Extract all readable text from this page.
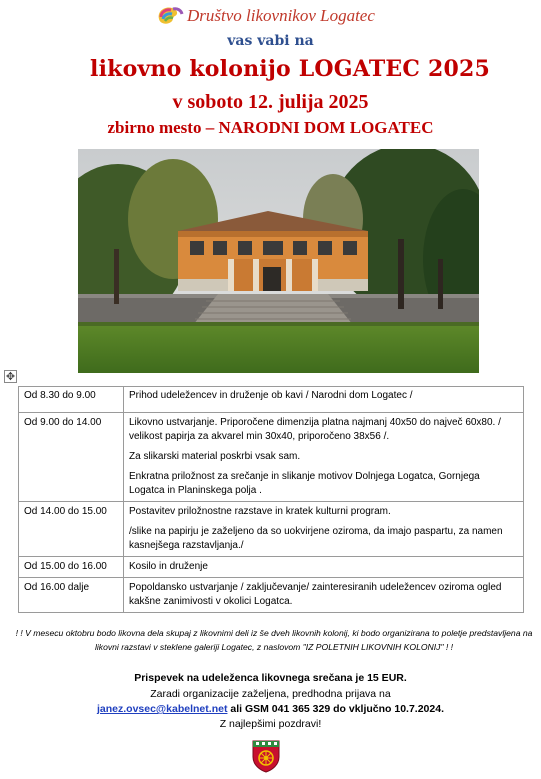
Društvo likovnikov Logatec
vas vabi na
likovno kolonijo LOGATEC 2025
v soboto 12. julija 2025
zbirno mesto – NARODNI DOM LOGATEC
✥
Od 8.30 do 9.00	Prihod udeležencev in druženje ob kavi / Narodni dom Logatec /

Od 9.00 do 14.00	Likovno ustvarjanje. Priporočene dimenzija platna najmanj 40x50 do največ 60x80. / velikost papirja za akvarel min 30x40, priporočeno 38x56 /.

Za slikarski material poskrbi vsak sam.

Enkratna priložnost za srečanje in slikanje motivov Dolnjega Logatca, Gornjega Logatca in Planinskega polja .

Od 14.00 do 15.00	Postavitev priložnostne razstave in kratek kulturni program.

/slike na papirju je zaželjeno da so uokvirjene oziroma, da imajo paspartu, za namen kasnejšega razstavljanja./

Od 15.00 do 16.00	Kosilo in druženje

Od 16.00 dalje	Popoldansko ustvarjanje / zaključevanje/ zainteresiranih udeležencev oziroma ogled kakšne zanimivosti v okolici Logatca.

! ! V mesecu oktobru bodo likovna dela skupaj z likovnimi deli iz še dveh likovnih kolonij, ki bodo organizirana to poletje predstavljena na likovni razstavi v steklene galeriji Logatec, z naslovom "IZ POLETNIH LIKOVNIH KOLONIJ" ! !
Prispevek na udeleženca likovnega srečana je 15 EUR.
Zaradi organizacije zaželjena, predhodna prijava na
janez.ovsec@kabelnet.net ali GSM 041 365 329 do vključno 10.7.2024.
Z najlepšimi pozdravi!
